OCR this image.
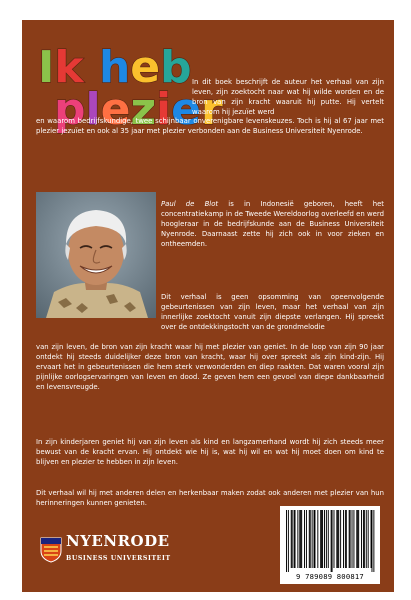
Ik heb
plezier

In dit boek beschrijft de auteur het verhaal van zijn leven, zijn zoektocht naar wat hij wilde worden en de bron van zijn kracht waaruit hij putte. Hij vertelt waarom hij jezuïet werd

en waarom bedrijfskundige, twee schijnbaar onverenigbare levenskeuzes. Toch is hij al 67 jaar met plezier jezuïet en ook al 35 jaar met plezier verbonden aan de Business Universiteit Nyenrode.

Paul de Blot is in Indonesië geboren, heeft het concentratiekamp in de Tweede Wereldoorlog overleefd en werd hoogleraar in de bedrijfskunde aan de Business Universiteit Nyenrode. Daarnaast zette hij zich ook in voor zieken en ontheemden.

Dit verhaal is geen opsomming van opeenvolgende gebeurtenissen van zijn leven, maar het verhaal van zijn innerlijke zoektocht vanuit zijn diepste verlangen. Hij spreekt over de ontdekkingstocht van de grondmelodie

van zijn leven, de bron van zijn kracht waar hij met plezier van geniet. In de loop van zijn 90 jaar ontdekt hij steeds duidelijker deze bron van kracht, waar hij over spreekt als zijn kind-zijn. Hij ervaart het in gebeurtenissen die hem sterk verwonderden en diep raakten. Dat waren vooral zijn pijnlijke oorlogservaringen van leven en dood. Ze geven hem een gevoel van diepe dankbaarheid en levensvreugde.

In zijn kinderjaren geniet hij van zijn leven als kind en langzamerhand wordt hij zich steeds meer bewust van de kracht ervan. Hij ontdekt wie hij is, wat hij wil en wat hij moet doen om kind te blijven en plezier te hebben in zijn leven.

Dit verhaal wil hij met anderen delen en herkenbaar maken zodat ook anderen met plezier van hun herinneringen kunnen genieten.

NYENRODE
BUSINESS UNIVERSITEIT
9 789089 800817
